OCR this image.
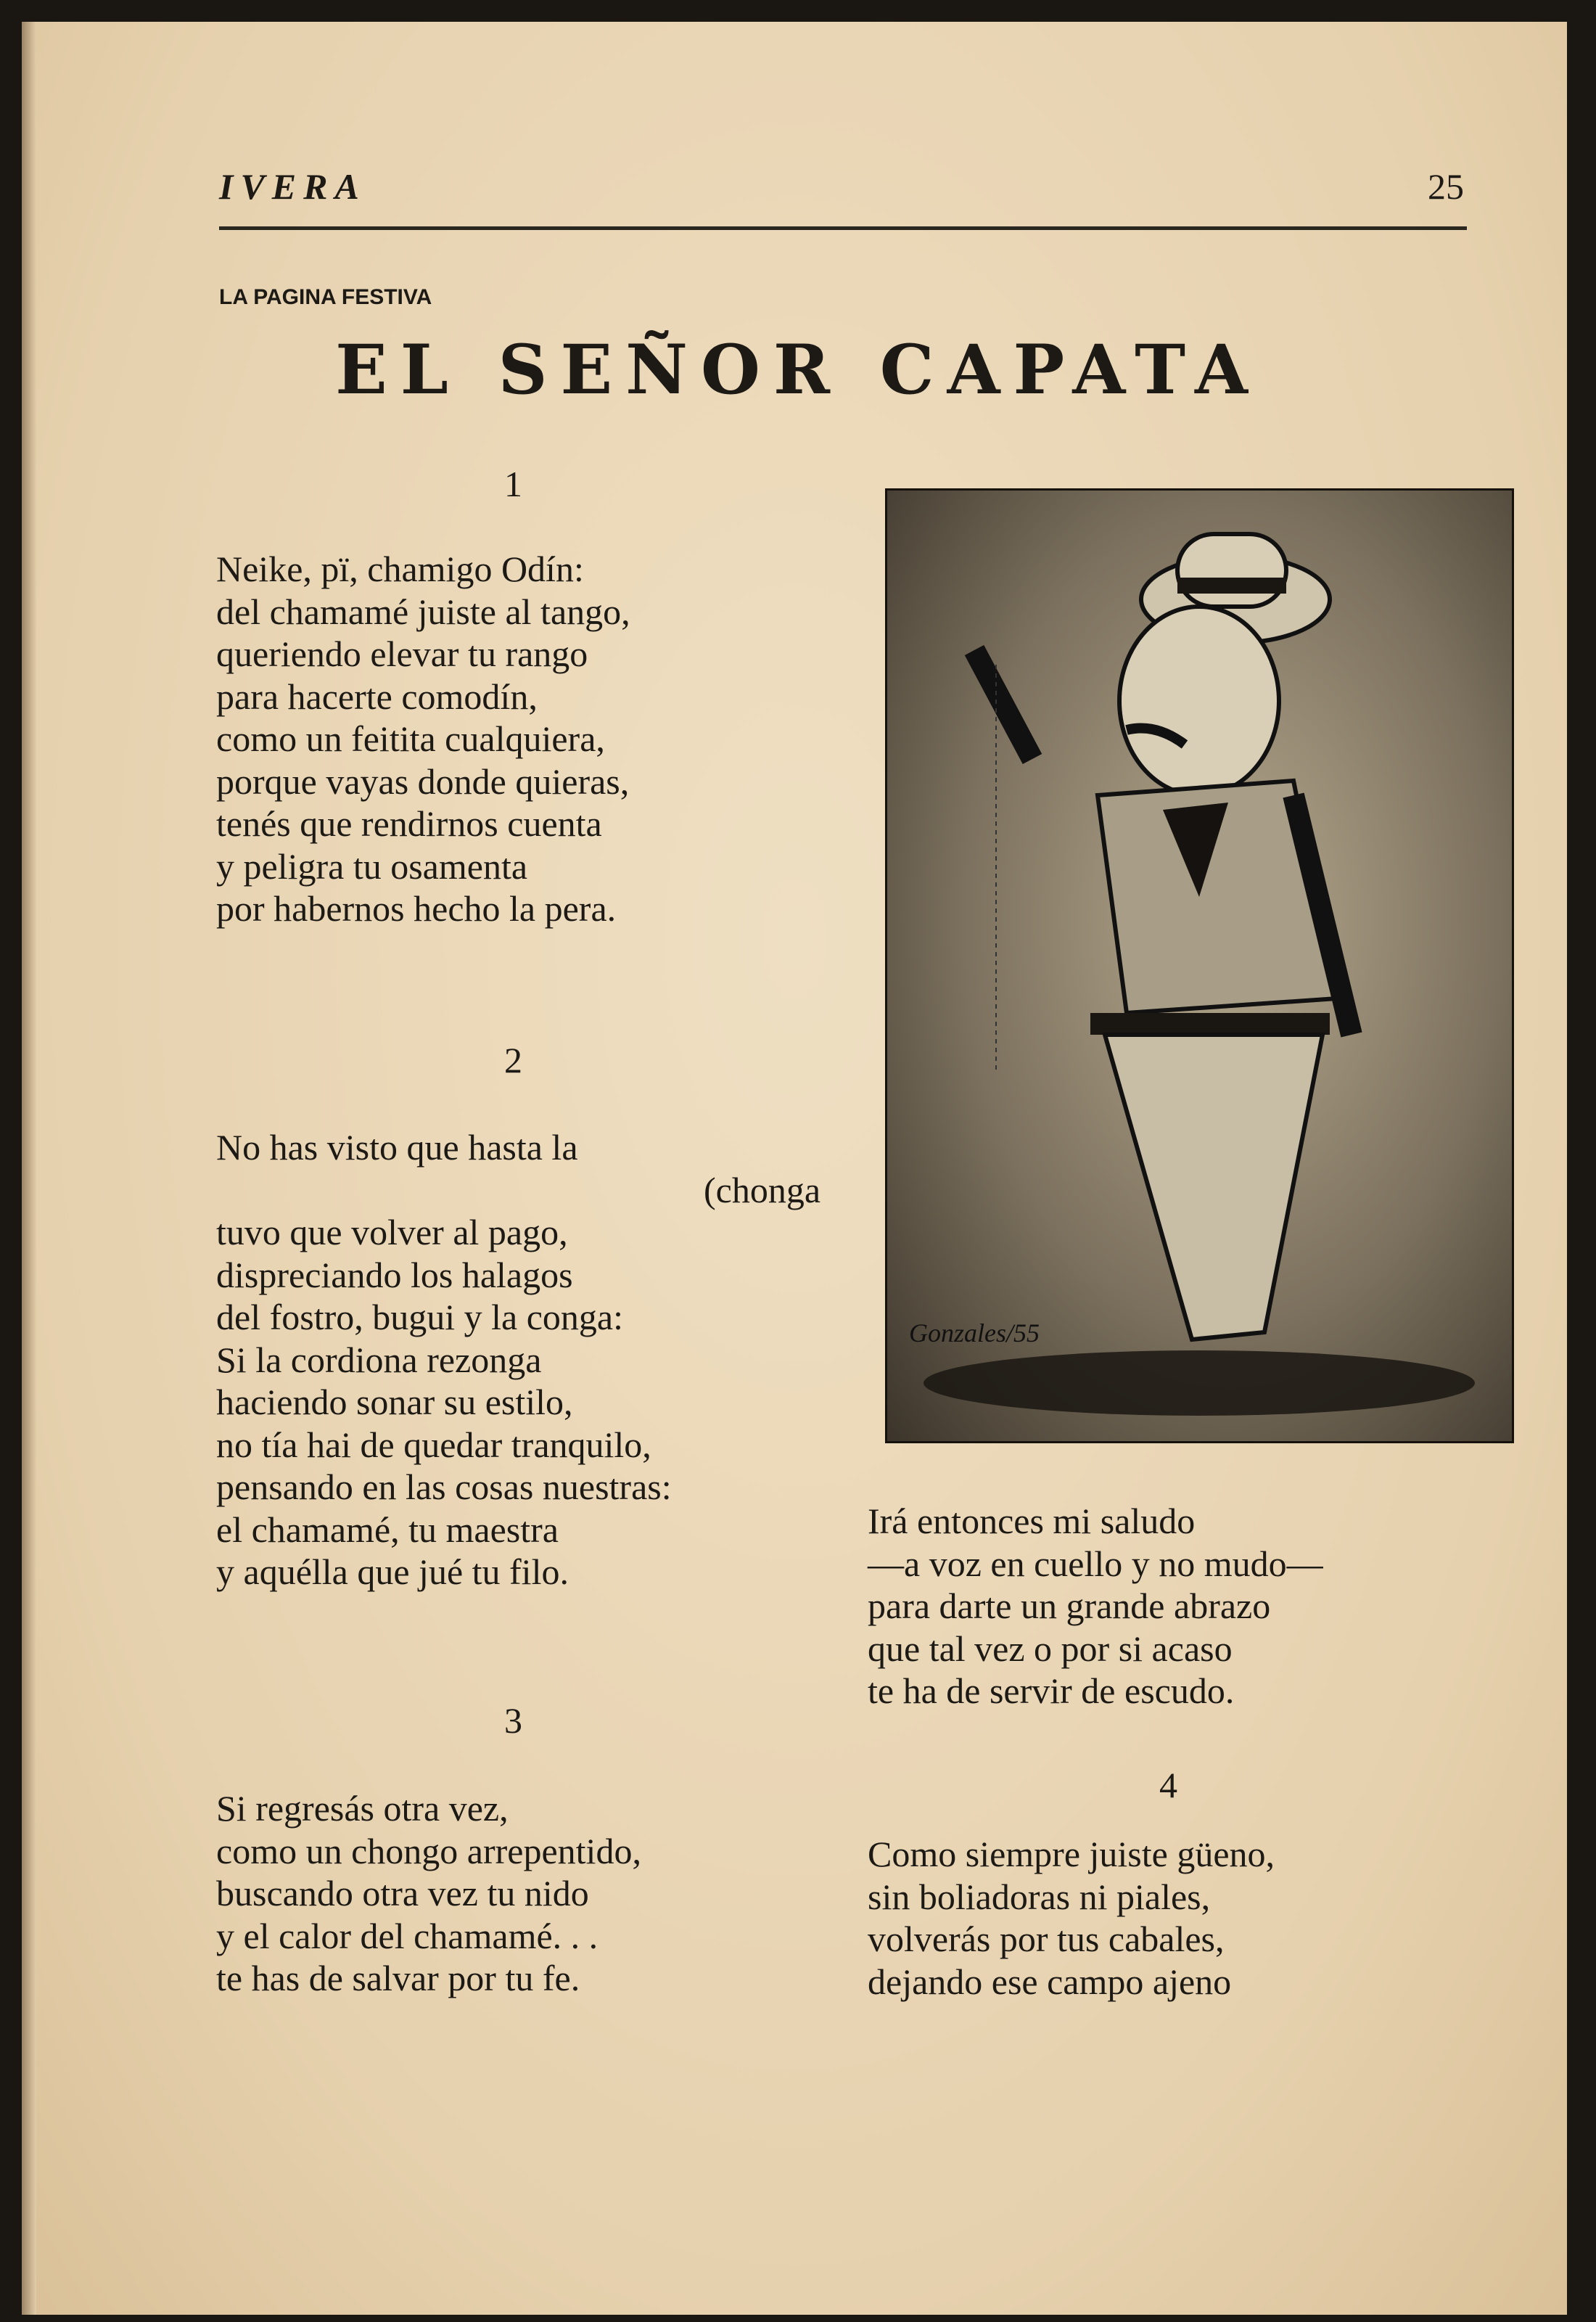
IVERA	25
LA PAGINA FESTIVA
EL SEÑOR CAPATA
1
Neike, pï, chamigo Odín:
del chamamé juiste al tango,
queriendo elevar tu rango
para hacerte comodín,
como un feitita cualquiera,
porque vayas donde quieras,
tenés que rendirnos cuenta
y peligra tu osamenta
por habernos hecho la pera.
2
No has visto que hasta la
(chonga
tuvo que volver al pago,
dispreciando los halagos
del fostro, bugui y la conga:
Si la cordiona rezonga
haciendo sonar su estilo,
no tía hai de quedar tranquilo,
pensando en las cosas nuestras:
el chamamé, tu maestra
y aquélla que jué tu filo.
Gonzales/55
Irá entonces mi saludo
—a voz en cuello y no mudo—
para darte un grande abrazo
que tal vez o por si acaso
te ha de servir de escudo.
3
Si regresás otra vez,
como un chongo arrepentido,
buscando otra vez tu nido
y el calor del chamamé. . .
te has de salvar por tu fe.
4
Como siempre juiste güeno,
sin boliadoras ni piales,
volverás por tus cabales,
dejando ese campo ajeno
